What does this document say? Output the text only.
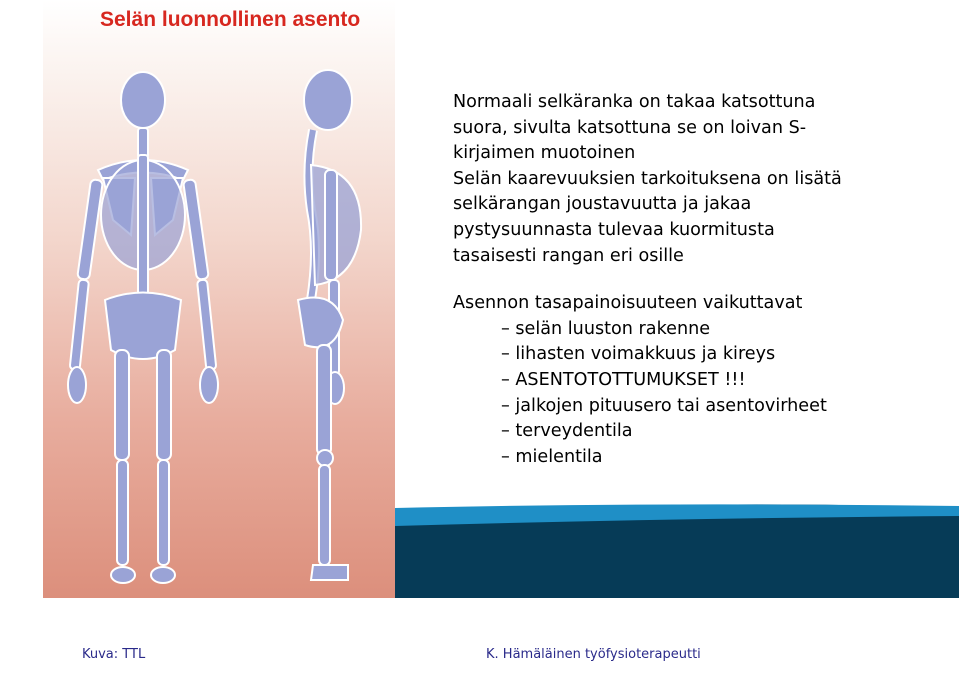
Selän luonnollinen asento

Normaali selkäranka on takaa katsottuna

suora, sivulta katsottuna se on loivan S-

kirjaimen muotoinen

Selän kaarevuuksien tarkoituksena on lisätä

selkärangan joustavuutta ja jakaa

pystysuunnasta tulevaa kuormitusta

tasaisesti rangan eri osille

Asennon tasapainoisuuteen vaikuttavat

– selän luuston rakenne

– lihasten voimakkuus ja kireys

– ASENTOTOTTUMUKSET !!!

– jalkojen pituusero tai asentovirheet

– terveydentila

– mielentila

Kuva: TTL	K. Hämäläinen työfysioterapeutti
